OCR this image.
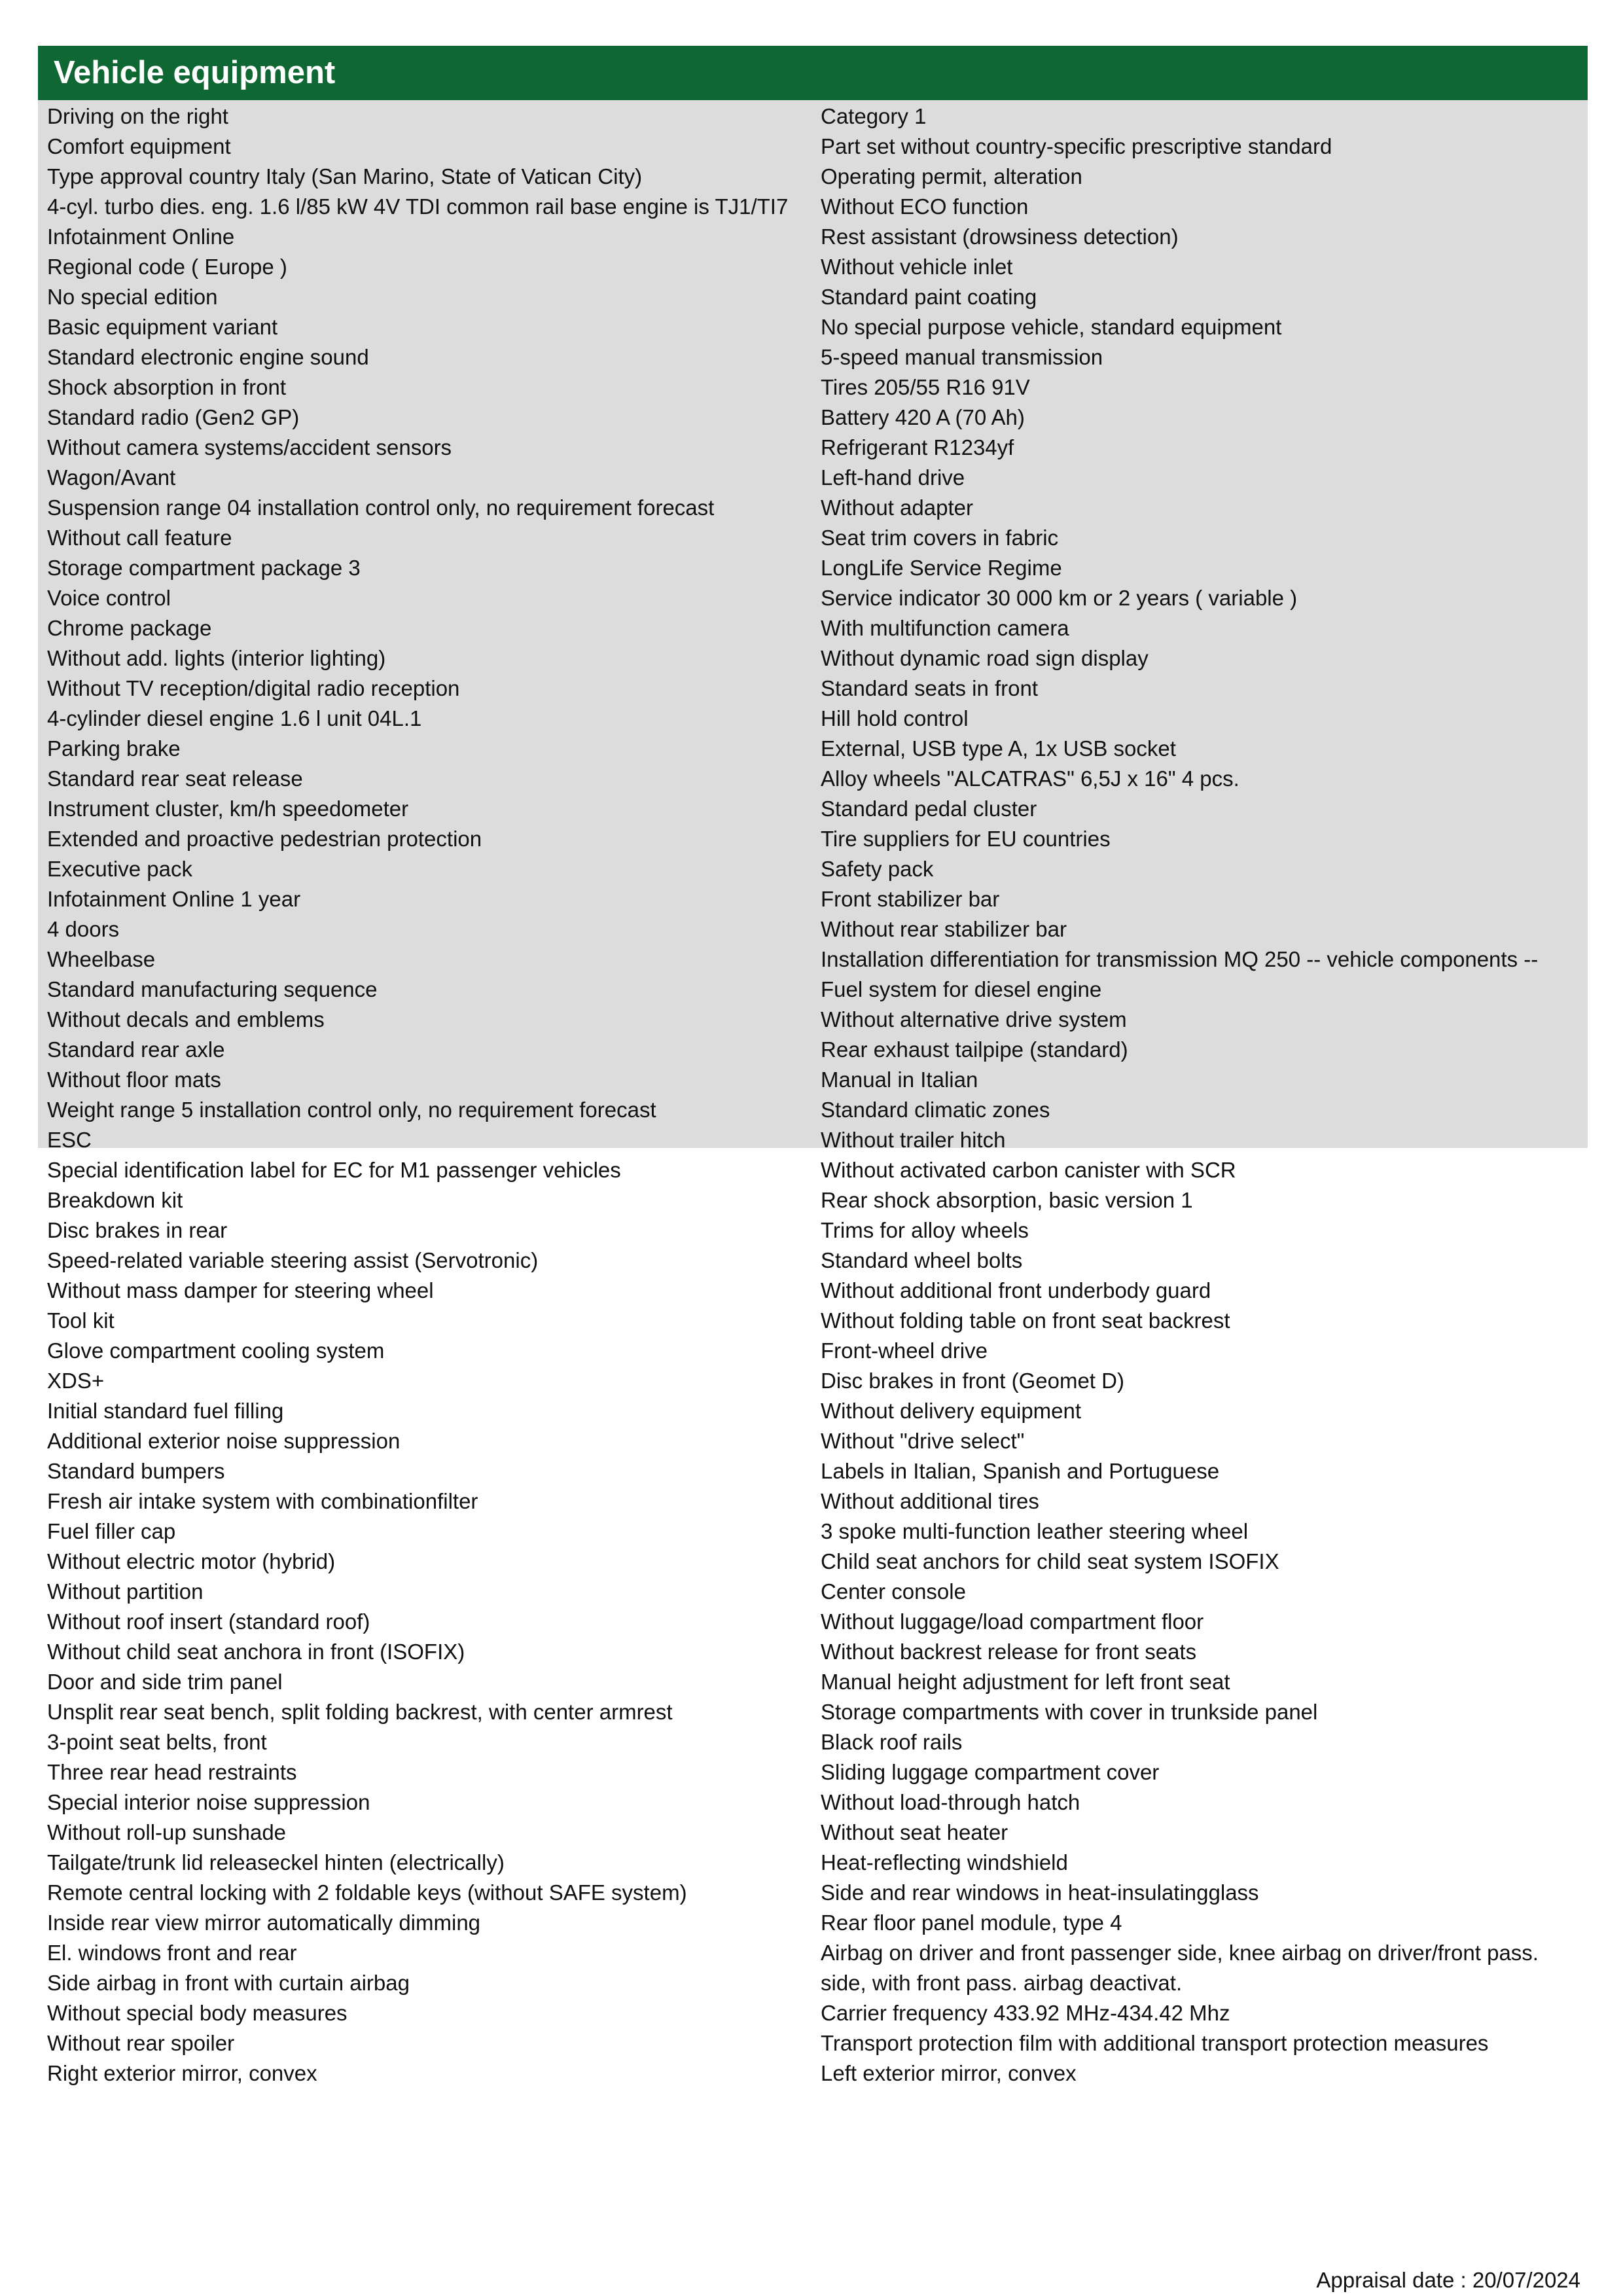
Vehicle equipment
Driving on the right
Comfort equipment
Type approval country Italy (San Marino, State of Vatican City)
4-cyl. turbo dies. eng. 1.6 l/85 kW 4V TDI common rail base engine is TJ1/TI7
Infotainment Online
Regional code ( Europe )
No special edition
Basic equipment variant
Standard electronic engine sound
Shock absorption in front
Standard radio (Gen2 GP)
Without camera systems/accident sensors
Wagon/Avant
Suspension range 04 installation control only, no requirement forecast
Without call feature
Storage compartment package 3
Voice control
Chrome package
Without add. lights (interior lighting)
Without TV reception/digital radio reception
4-cylinder diesel engine 1.6 l unit 04L.1
Parking brake
Standard rear seat release
Instrument cluster, km/h speedometer
Extended and proactive pedestrian protection
Executive pack
Infotainment Online 1 year
4 doors
Wheelbase
Standard manufacturing sequence
Without decals and emblems
Standard rear axle
Without floor mats
Weight range 5 installation control only, no requirement forecast
ESC
Special identification label for EC for M1 passenger vehicles
Breakdown kit
Disc brakes in rear
Speed-related variable steering assist (Servotronic)
Without mass damper for steering wheel
Tool kit
Glove compartment cooling system
XDS+
Initial standard fuel filling
Additional exterior noise suppression
Standard bumpers
Fresh air intake system with combinationfilter
Fuel filler cap
Without electric motor (hybrid)
Without partition
Without roof insert (standard roof)
Without child seat anchora in front (ISOFIX)
Door and side trim panel
Unsplit rear seat bench, split folding backrest, with center armrest
3-point seat belts, front
Three rear head restraints
Special interior noise suppression
Without roll-up sunshade
Tailgate/trunk lid releaseckel hinten (electrically)
Remote central locking with 2 foldable keys (without SAFE system)
Inside rear view mirror automatically dimming
El. windows front and rear
Side airbag in front with curtain airbag
Without special body measures
Without rear spoiler
Right exterior mirror, convex
Category 1
Part set without country-specific prescriptive standard
Operating permit, alteration
Without ECO function
Rest assistant (drowsiness detection)
Without vehicle inlet
Standard paint coating
No special purpose vehicle, standard equipment
5-speed manual transmission
Tires 205/55 R16 91V
Battery 420 A (70 Ah)
Refrigerant R1234yf
Left-hand drive
Without adapter
Seat trim covers in fabric
LongLife Service Regime
Service indicator 30 000 km or 2 years ( variable )
With multifunction camera
Without dynamic road sign display
Standard seats in front
Hill hold control
External, USB type A, 1x USB socket
Alloy wheels "ALCATRAS" 6,5J x 16" 4 pcs.
Standard pedal cluster
Tire suppliers for EU countries
Safety pack
Front stabilizer bar
Without rear stabilizer bar
Installation differentiation for transmission MQ 250 -- vehicle components --
Fuel system for diesel engine
Without alternative drive system
Rear exhaust tailpipe (standard)
Manual in Italian
Standard climatic zones
Without trailer hitch
Without activated carbon canister with SCR
Rear shock absorption, basic version 1
Trims for alloy wheels
Standard wheel bolts
Without additional front underbody guard
Without folding table on front seat backrest
Front-wheel drive
Disc brakes in front (Geomet D)
Without delivery equipment
Without "drive select"
Labels in Italian, Spanish and Portuguese
Without additional tires
3 spoke multi-function leather steering wheel
Child seat anchors for child seat system ISOFIX
Center console
Without luggage/load compartment floor
Without backrest release for front seats
Manual height adjustment for left front seat
Storage compartments with cover in trunkside panel
Black roof rails
Sliding luggage compartment cover
Without load-through hatch
Without seat heater
Heat-reflecting windshield
Side and rear windows in heat-insulatingglass
Rear floor panel module, type 4
Airbag on driver and front passenger side, knee airbag on driver/front pass. side, with front pass. airbag deactivat.
Carrier frequency 433.92 MHz-434.42 Mhz
Transport protection film with additional transport protection measures
Left exterior mirror, convex
Appraisal date : 20/07/2024
